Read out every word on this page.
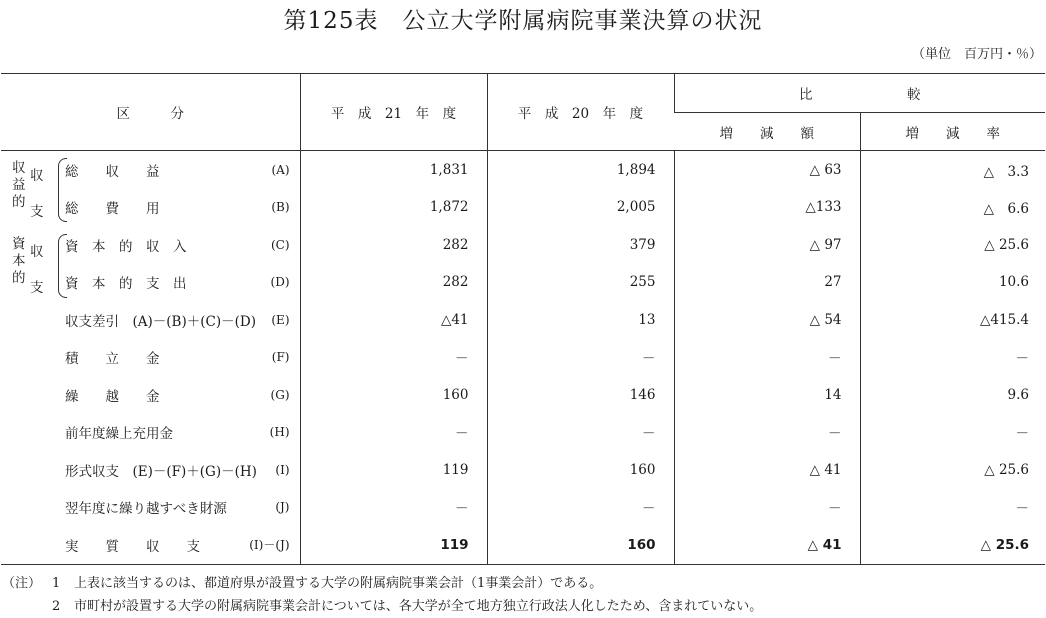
第125表　公立大学附属病院事業決算の状況
（単位　百万円・％）
区　　　分	平　成　21　年　度	平　成　20　年　度	比　　　　　　　較	
			増　　減　　額	増　　減　　率

総　　収　　益 (A)	1,831	1,894	△ 63	△　3.3

総　　費　　用 (B)	1,872	2,005	△133	△　6.6

資　本　的　収　入 (C)	282	379	△ 97	△ 25.6

資　本　的　支　出 (D)	282	255	27	10.6

収支差引　(A)－(B)＋(C)－(D) (E)	△41	13	△ 54	△415.4

積　　立　　金 (F)	－	－	－	－

繰　　越　　金 (G)	160	146	14	9.6

前年度繰上充用金 (H)	－	－	－	－

形式収支　(E)－(F)＋(G)－(H) (I)	119	160	△ 41	△ 25.6

翌年度に繰り越すべき財源 (J)	－	－	－	－

実　　質　　収　　支 (I)－(J)	119	160	△ 41	△ 25.6
収
益
的
収
支
資
本
的
収
支
（注） 1	上表に該当するのは、都道府県が設置する大学の附属病院事業会計（1事業会計）である。
2	市町村が設置する大学の附属病院事業会計については、各大学が全て地方独立行政法人化したため、含まれていない。
